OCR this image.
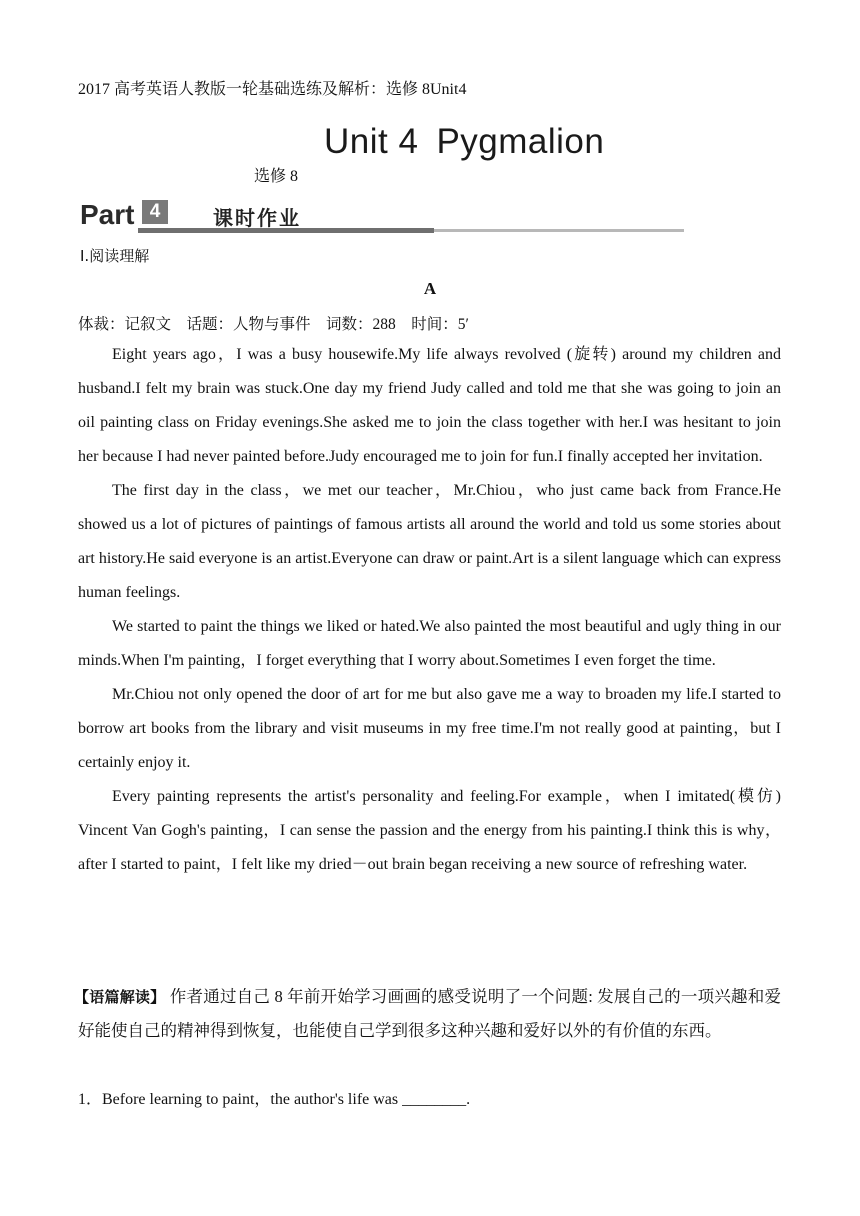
2017 高考英语人教版一轮基础选练及解析：选修 8Unit4
Unit 4 Pygmalion
选修 8
Part 4	课时作业
Ⅰ.阅读理解
A
体裁：记叙文    话题：人物与事件    词数：288    时间：5′

Eight years ago，I was a busy housewife.My life always revolved (旋转) around my children and husband.I felt my brain was stuck.One day my friend Judy called and told me that she was going to join an oil painting class on Friday evenings.She asked me to join the class together with her.I was hesitant to join her because I had never painted before.Judy encouraged me to join for fun.I finally accepted her invitation.

The first day in the class，we met our teacher，Mr.Chiou，who just came back from France.He showed us a lot of pictures of paintings of famous artists all around the world and told us some stories about art history.He said everyone is an artist.Everyone can draw or paint.Art is a silent language which can express human feelings.

We started to paint the things we liked or hated.We also painted the most beautiful and ugly thing in our minds.When I'm painting，I forget everything that I worry about.Sometimes I even forget the time.

Mr.Chiou not only opened the door of art for me but also gave me a way to broaden my life.I started to borrow art books from the library and visit museums in my free time.I'm not really good at painting，but I certainly enjoy it.

Every painting represents the artist's personality and feeling.For example，when I imitated(模仿) Vincent Van Gogh's painting，I can sense the passion and the energy from his painting.I think this is why，after I started to paint，I felt like my dried－out brain began receiving a new source of refreshing water.

【语篇解读】 作者通过自己 8 年前开始学习画画的感受说明了一个问题: 发展自己的一项兴趣和爱好能使自己的精神得到恢复，也能使自己学到很多这种兴趣和爱好以外的有价值的东西。
1．Before learning to paint，the author's life was ________.
